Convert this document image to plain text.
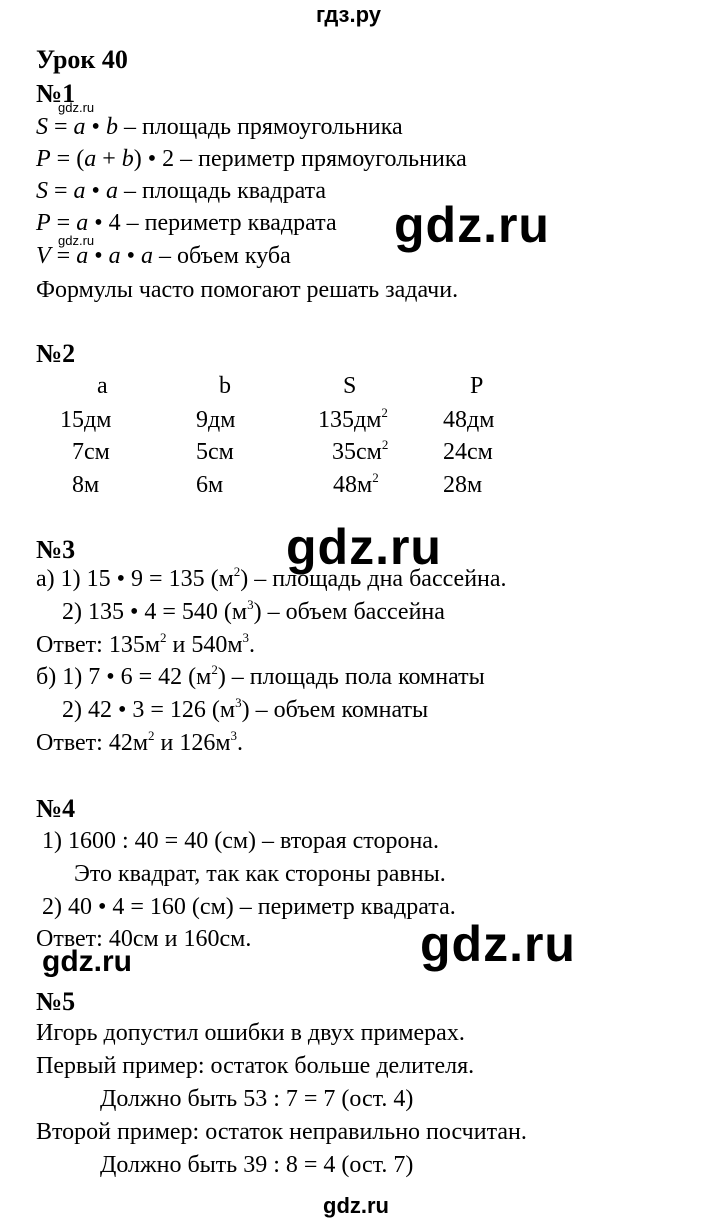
гдз.ру
Урок 40
№1
gdz.ru
S = a • b – площадь прямоугольника
P = (a + b) • 2 – периметр прямоугольника
S = a • a – площадь квадрата
P = a • 4 – периметр квадрата
gdz.ru
V = a • a • a – объем куба
Формулы часто помогают решать задачи.
gdz.ru
№2
a	b	S	P
15дм	9дм	$135дм^2$ 48дм
7см	5см	$35см^2$ 24см
8м	6м	$48м^2$	28м
№3	gdz.ru
а) 1) 15 • 9 = 135 $(м^2)$ – площадь дна бассейна.
2) 135 • 4 = 540 $(м^3)$ – объем бассейна
Ответ: $135м^2$ и $540м^3$.
б) 1) 7 • 6 = 42 $(м^2)$ – площадь пола комнаты
2) 42 • 3 = 126 $(м^3)$ – объем комнаты
Ответ: $42м^2$ и $126м^3$.
№4
1) 1600 : 40 = 40 (см) – вторая сторона.
Это квадрат, так как стороны равны.
2) 40 • 4 = 160 (см) – периметр квадрата.
Ответ: 40см и 160см.	gdz.ru
gdz.ru
№5
Игорь допустил ошибки в двух примерах.
Первый пример: остаток больше делителя.
Должно быть 53 : 7 = 7 (ост. 4)
Второй пример: остаток неправильно посчитан.
Должно быть 39 : 8 = 4 (ост. 7)
gdz.ru
